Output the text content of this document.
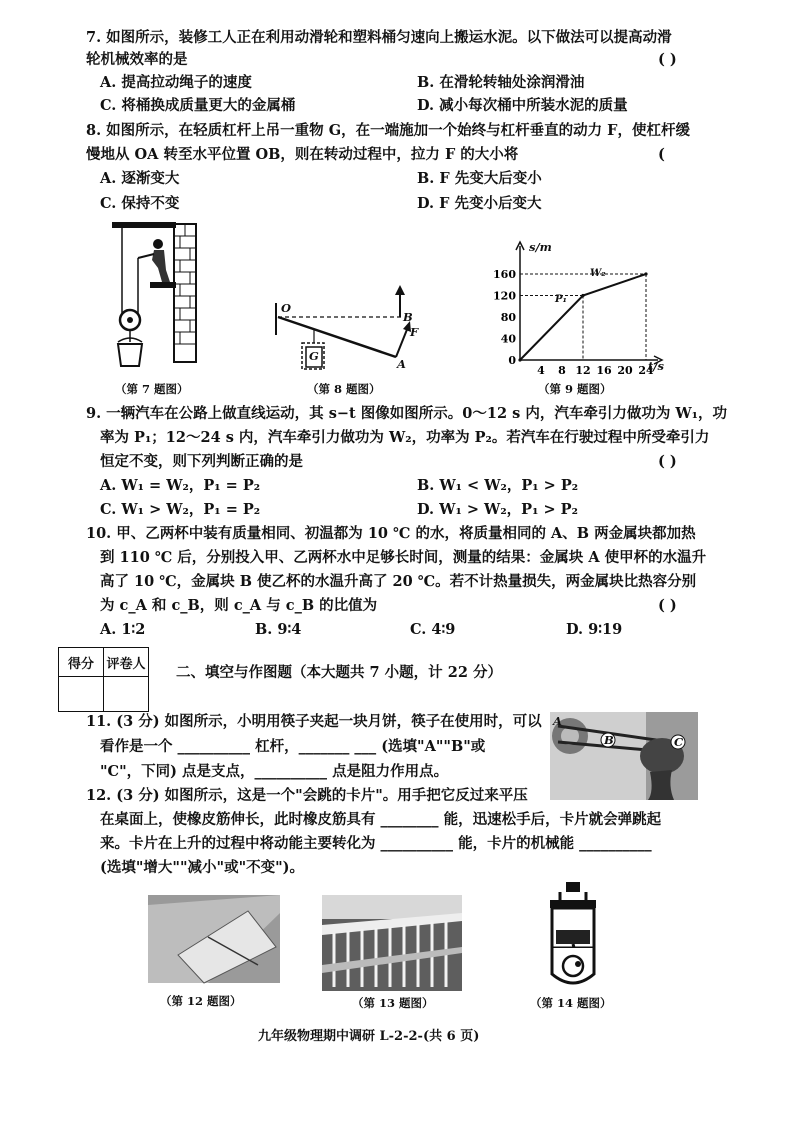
7. 如图所示，装修工人正在利用动滑轮和塑料桶匀速向上搬运水泥。以下做法可以提高动滑
轮机械效率的是	( )
A. 提高拉动绳子的速度	B. 在滑轮转轴处涂润滑油
C. 将桶换成质量更大的金属桶	D. 减小每次桶中所装水泥的质量
8. 如图所示，在轻质杠杆上吊一重物 G，在一端施加一个始终与杠杆垂直的动力 F，使杠杆缓
慢地从 OA 转至水平位置 OB，则在转动过程中，拉力 F 的大小将	(
A. 逐渐变大	B. F 先变大后变小
C. 保持不变	D. F 先变小后变大
（第 7 题图）
O
B
F
A
G
（第 8 题图）
4 8 12 16 20 24
0
40
80
120
160
s/m
t/s
P₁
W₂
（第 9 题图）
9. 一辆汽车在公路上做直线运动，其 s−t 图像如图所示。0～12 s 内，汽车牵引力做功为 W₁，功
率为 P₁；12～24 s 内，汽车牵引力做功为 W₂，功率为 P₂。若汽车在行驶过程中所受牵引力
恒定不变，则下列判断正确的是	( )
A. W₁ = W₂，P₁ = P₂	B. W₁ < W₂，P₁ > P₂
C. W₁ > W₂，P₁ = P₂	D. W₁ > W₂，P₁ > P₂
10. 甲、乙两杯中装有质量相同、初温都为 10 ℃ 的水，将质量相同的 A、B 两金属块都加热
到 110 ℃ 后，分别投入甲、乙两杯水中足够长时间，测量的结果：金属块 A 使甲杯的水温升
高了 10 ℃，金属块 B 使乙杯的水温升高了 20 ℃。若不计热量损失，两金属块比热容分别
为 c_A 和 c_B，则 c_A 与 c_B 的比值为	( )
A. 1∶2	B. 9∶4	C. 4∶9	D. 9∶19
得分	评卷人
	二、填空与作图题（本大题共 7 小题，计 22 分）
11. (3 分) 如图所示，小明用筷子夹起一块月饼，筷子在使用时，可以
看作是一个 __________ 杠杆，_______ ___ (选填"A""B"或
"C"，下同) 点是支点，__________ 点是阻力作用点。
A
B	C
12. (3 分) 如图所示，这是一个"会跳的卡片"。用手把它反过来平压
在桌面上，使橡皮筋伸长，此时橡皮筋具有 ________ 能，迅速松手后，卡片就会弹跳起
来。卡片在上升的过程中将动能主要转化为 __________ 能，卡片的机械能 __________
(选填"增大""减小"或"不变")。
（第 12 题图）	（第 13 题图）	（第 14 题图）
九年级物理期中调研 L-2-2-(共 6 页)
